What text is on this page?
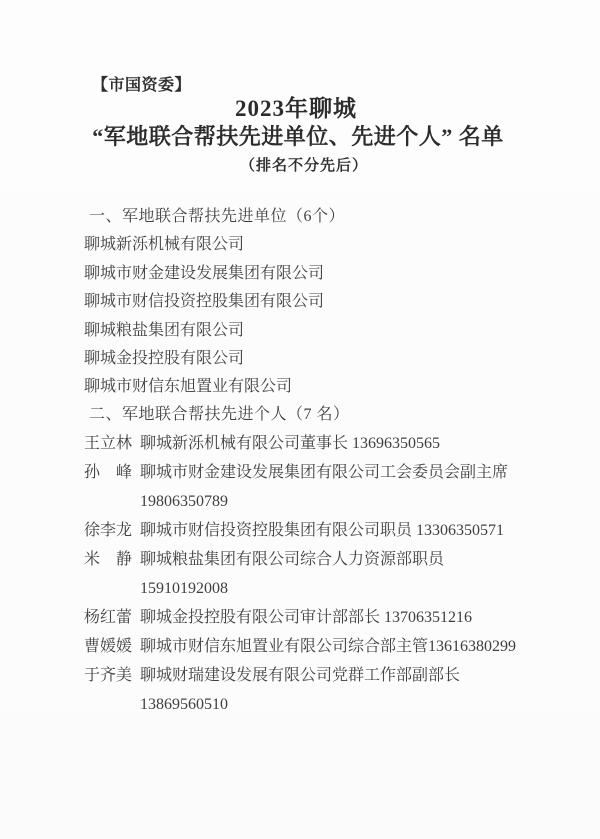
【市国资委】
2023年聊城
“军地联合帮扶先进单位、先进个人” 名单
（排名不分先后）
一、军地联合帮扶先进单位（6个）
聊城新泺机械有限公司
聊城市财金建设发展集团有限公司
聊城市财信投资控股集团有限公司
聊城粮盐集团有限公司
聊城金投控股有限公司
聊城市财信东旭置业有限公司
二、军地联合帮扶先进个人（7 名）
王立林 聊城新泺机械有限公司董事长 13696350565
孙　峰 聊城市财金建设发展集团有限公司工会委员会副主席
19806350789
徐李龙 聊城市财信投资控股集团有限公司职员 13306350571
米　静 聊城粮盐集团有限公司综合人力资源部职员
15910192008
杨红蕾 聊城金投控股有限公司审计部部长 13706351216
曹媛媛 聊城市财信东旭置业有限公司综合部主管13616380299
于齐美 聊城财瑞建设发展有限公司党群工作部副部长
13869560510
